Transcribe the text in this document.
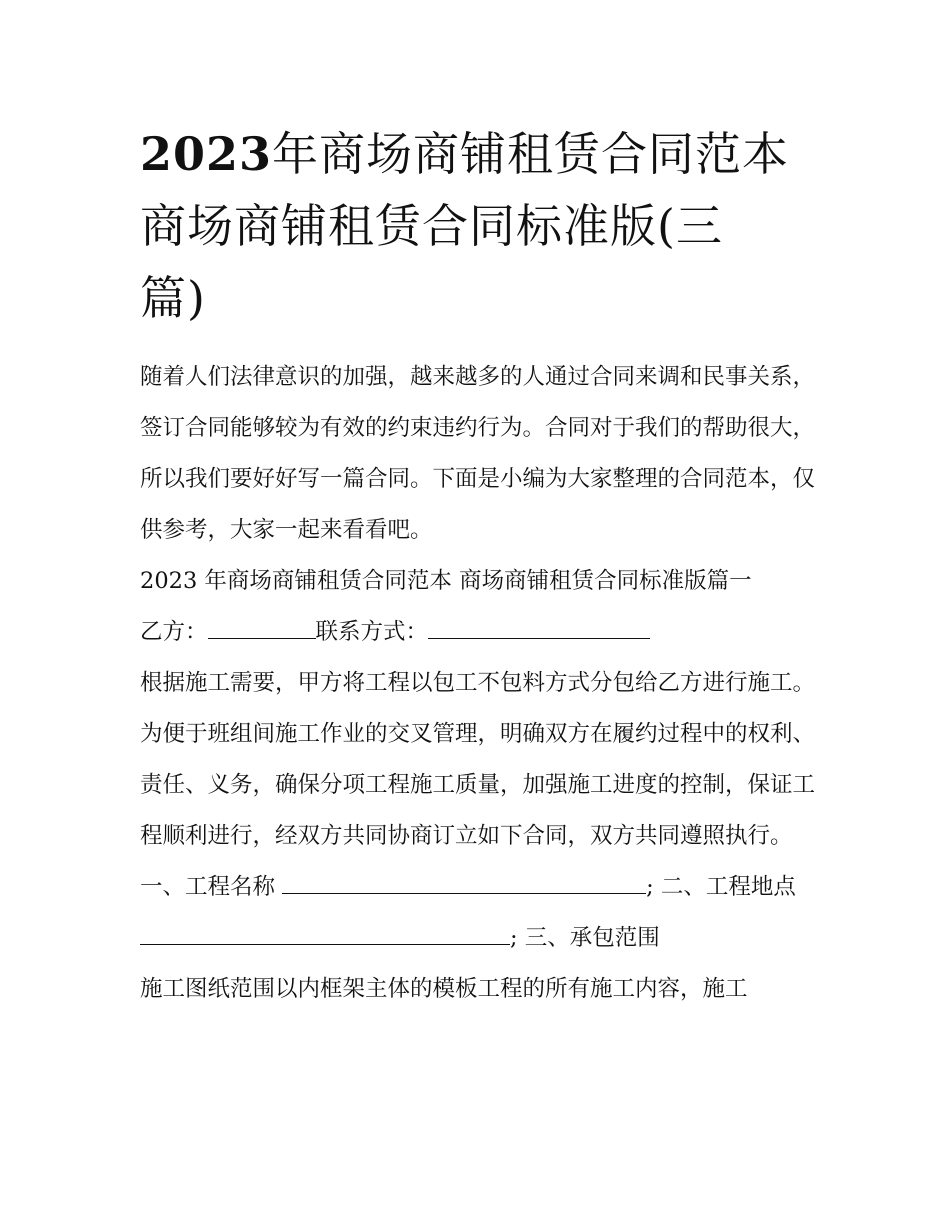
2023年商场商铺租赁合同范本
商场商铺租赁合同标准版(三
篇)

随着人们法律意识的加强，越来越多的人通过合同来调和民事关系，签订合同能够较为有效的约束违约行为。合同对于我们的帮助很大，所以我们要好好写一篇合同。下面是小编为大家整理的合同范本，仅供参考，大家一起来看看吧。

2023 年商场商铺租赁合同范本 商场商铺租赁合同标准版篇一

乙方：	联系方式：

根据施工需要，甲方将工程以包工不包料方式分包给乙方进行施工。为便于班组间施工作业的交叉管理，明确双方在履约过程中的权利、责任、义务，确保分项工程施工质量，加强施工进度的控制，保证工程顺利进行，经双方共同协商订立如下合同，双方共同遵照执行。

一、工程名称	; 二、工程地点

; 三、承包范围

施工图纸范围以内框架主体的模板工程的所有施工内容，施工
